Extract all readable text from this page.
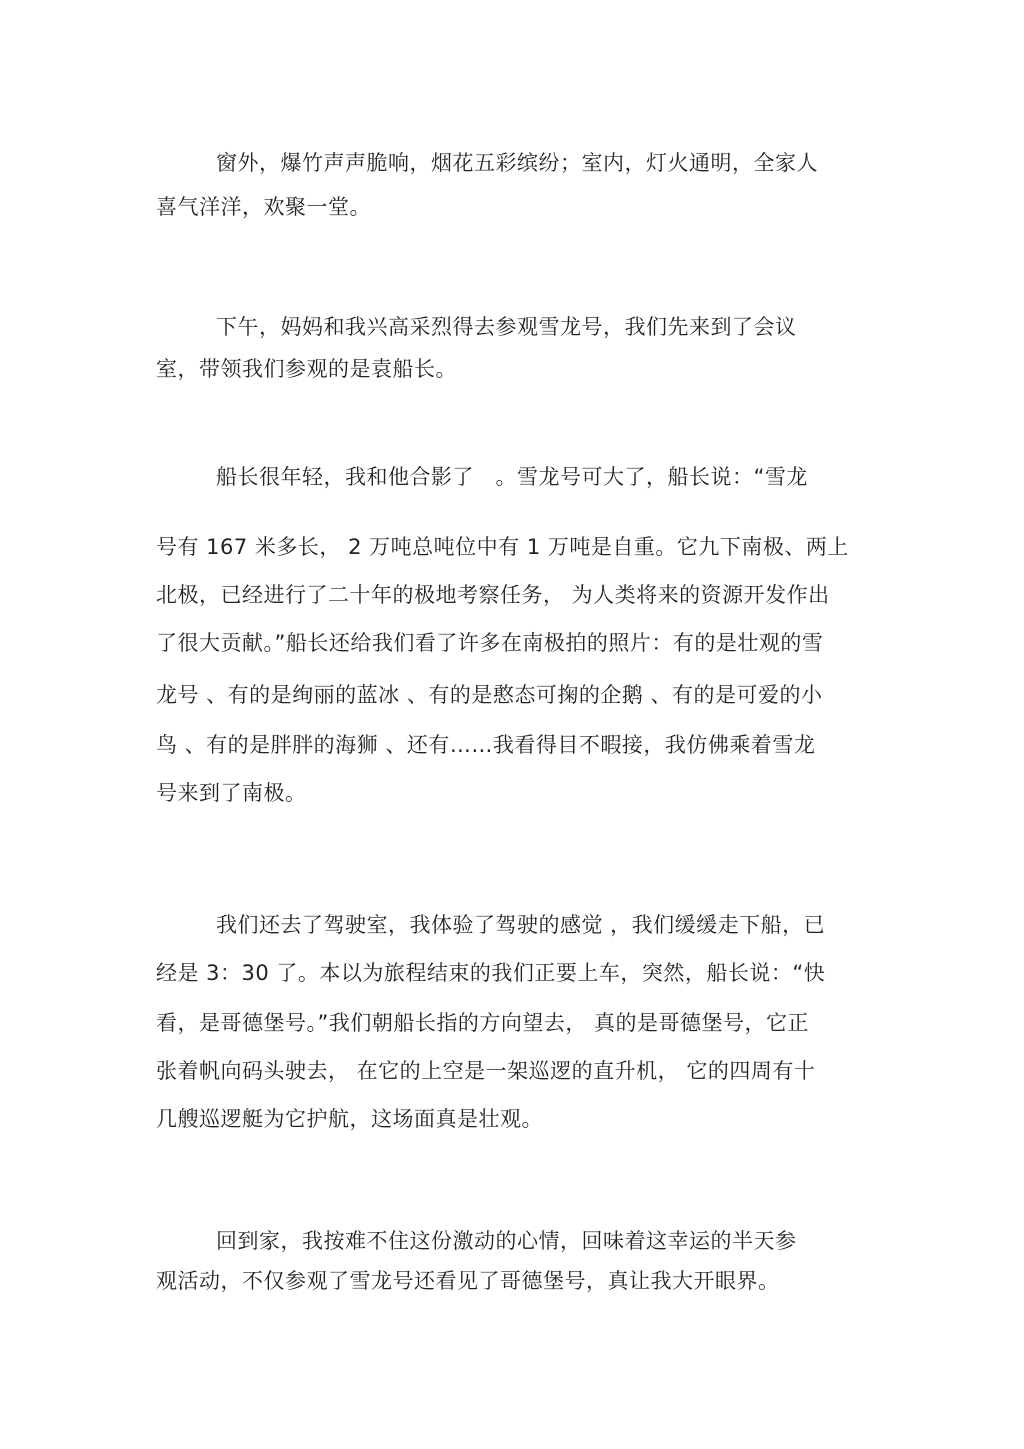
窗外，爆竹声声脆响，烟花五彩缤纷；室内，灯火通明，全家人
喜气洋洋，欢聚一堂。
下午，妈妈和我兴高采烈得去参观雪龙号，我们先来到了会议
室，带领我们参观的是袁船长。
船长很年轻，我和他合影了　。雪龙号可大了，船长说：“雪龙
号有 167 米多长， 2 万吨总吨位中有 1 万吨是自重。它九下南极、两上
北极，已经进行了二十年的极地考察任务， 为人类将来的资源开发作出
了很大贡献。”船长还给我们看了许多在南极拍的照片：有的是壮观的雪
龙号 、有的是绚丽的蓝冰 、有的是憨态可掬的企鹅 、有的是可爱的小
鸟 、有的是胖胖的海狮 、还有……我看得目不暇接，我仿佛乘着雪龙
号来到了南极。
我们还去了驾驶室，我体验了驾驶的感觉 ，我们缓缓走下船，已
经是 3：30 了。本以为旅程结束的我们正要上车，突然，船长说：“快
看，是哥德堡号。”我们朝船长指的方向望去， 真的是哥德堡号，它正
张着帆向码头驶去， 在它的上空是一架巡逻的直升机， 它的四周有十
几艘巡逻艇为它护航，这场面真是壮观。
回到家，我按难不住这份激动的心情，回味着这幸运的半天参
观活动，不仅参观了雪龙号还看见了哥德堡号，真让我大开眼界。
